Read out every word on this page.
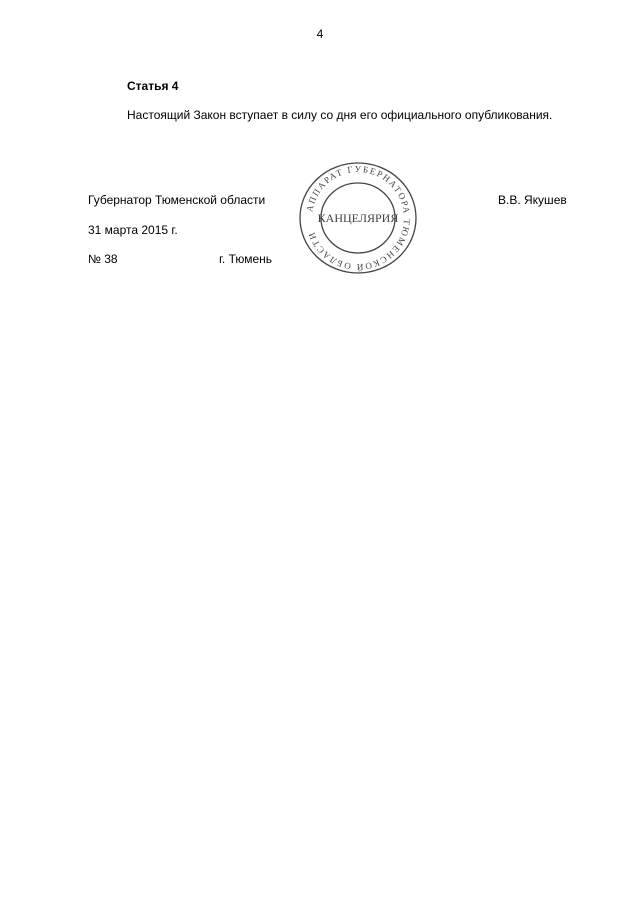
4
Статья 4

Настоящий Закон вступает в силу со дня его официального опубликования.

Губернатор Тюменской области	В.В. Якушев
31 марта 2015 г.
№ 38	г. Тюмень
АППАРАТ ГУБЕРНАТОРА ТЮМЕНСКОЙ ОБЛАСТИ
КАНЦЕЛЯРИЯ
